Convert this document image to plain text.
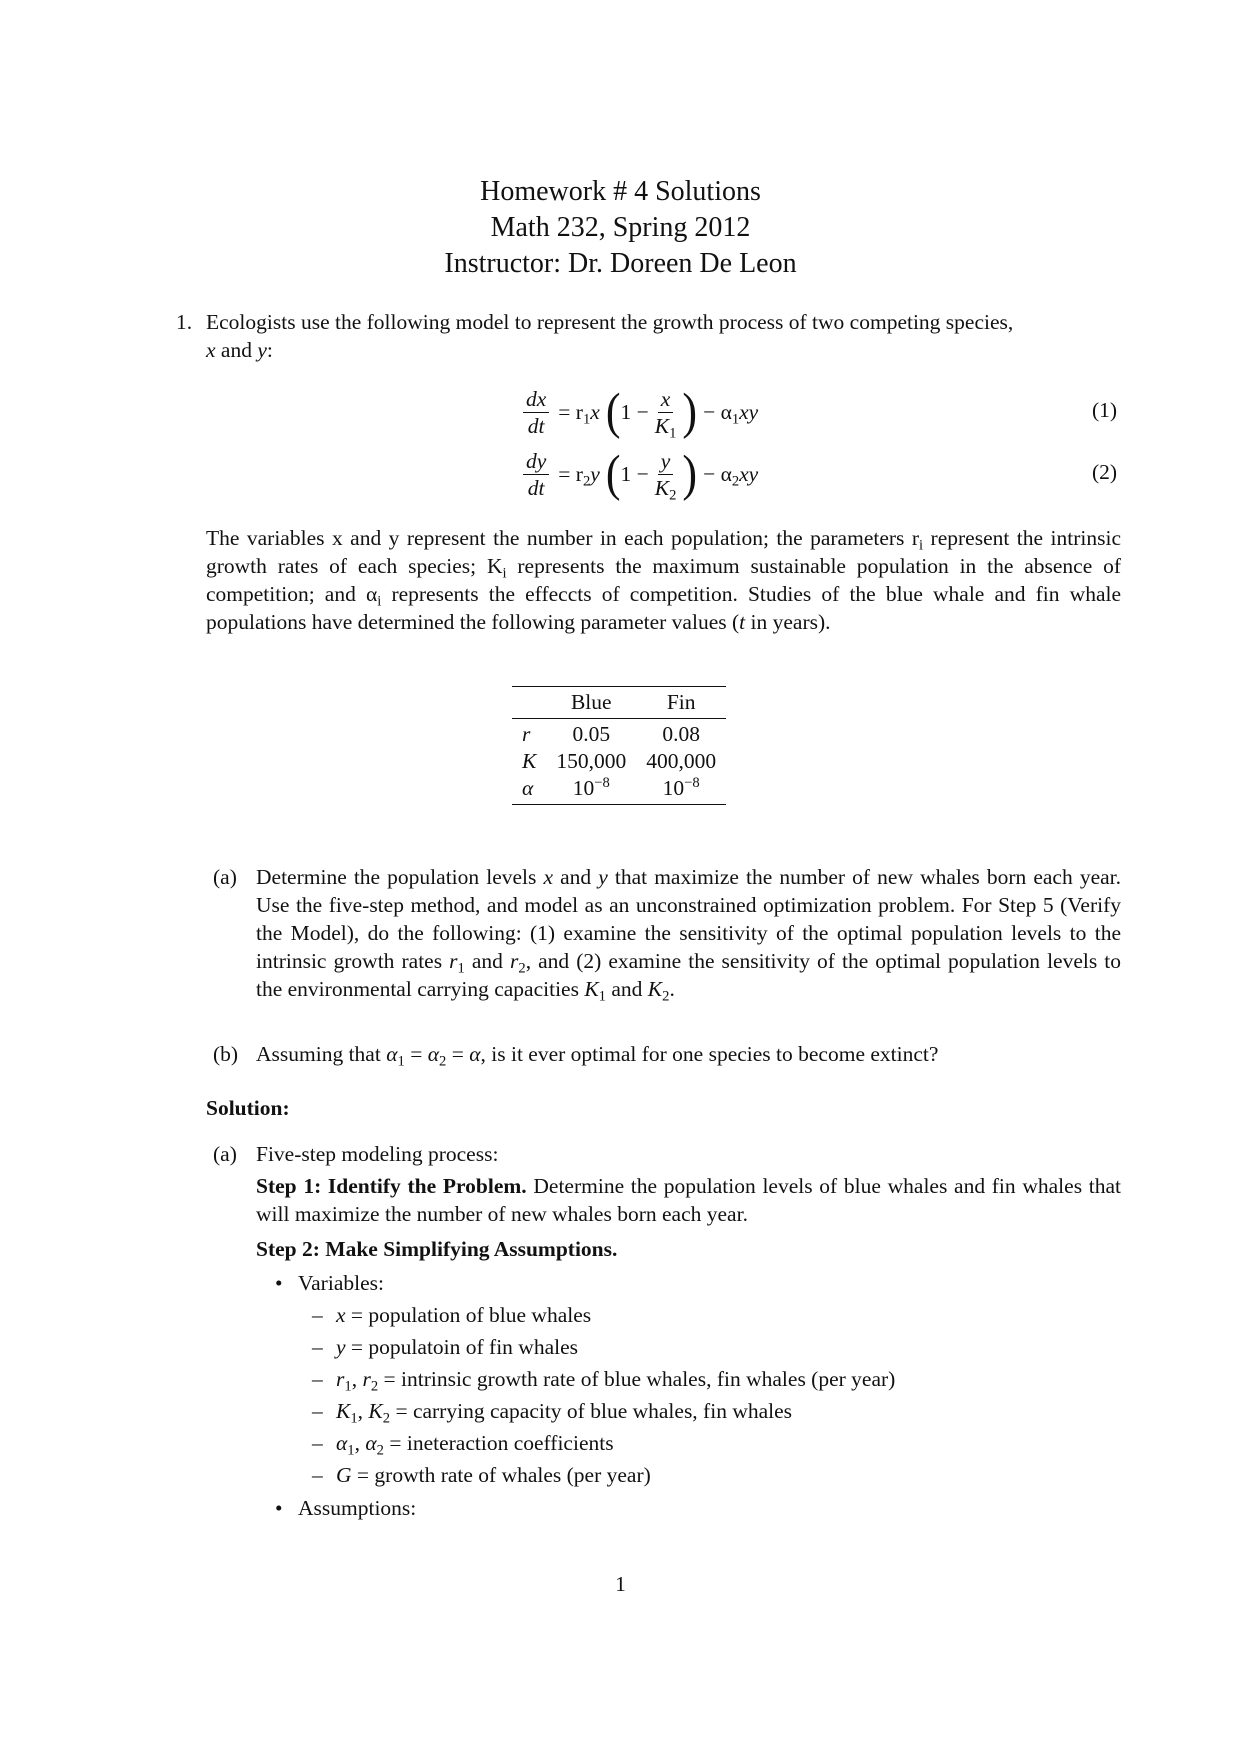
Homework # 4 Solutions
Math 232, Spring 2012
Instructor: Dr. Doreen De Leon
1. Ecologists use the following model to represent the growth process of two competing species,
x and y:
$\frac{dx}{dt} = r_1x$ ( $1 - \frac{x}{K_1}$ ) − $\alpha_1xy$	(1)
$\frac{dy}{dt} = r_2y$ ( $1 - \frac{y}{K_2}$ ) − $\alpha_2xy$	(2)
The variables x and y represent the number in each population; the parameters $r_i$ represent the intrinsic growth rates of each species; $K_i$ represents the maximum sustainable population in the absence of competition; and $\alpha_i$ represents the effeccts of competition. Studies of the blue whale and fin whale populations have determined the following parameter values (t in years).
	Blue	Fin
r	0.05	0.08
K	150,000	400,000
α	$10^{-8}$	$10^{-8}$
(a) Determine the population levels x and y that maximize the number of new whales born each year. Use the five-step method, and model as an unconstrained optimization problem. For Step 5 (Verify the Model), do the following: (1) examine the sensitivity of the optimal population levels to the intrinsic growth rates $r_1$ and $r_2$, and (2) examine the sensitivity of the optimal population levels to the environmental carrying capacities $K_1$ and $K_2$.
(b) Assuming that $\alpha_1 = \alpha_2 = \alpha$, is it ever optimal for one species to become extinct?
Solution:
(a) Five-step modeling process:
Step 1: Identify the Problem. Determine the population levels of blue whales and fin whales that will maximize the number of new whales born each year.
Step 2: Make Simplifying Assumptions.
• Variables:
– x = population of blue whales
– y = populatoin of fin whales
– $r_1$, $r_2$ = intrinsic growth rate of blue whales, fin whales (per year)
– $K_1$, $K_2$ = carrying capacity of blue whales, fin whales
– $\alpha_1$, $\alpha_2$ = ineteraction coefficients
– G = growth rate of whales (per year)
• Assumptions:
1
